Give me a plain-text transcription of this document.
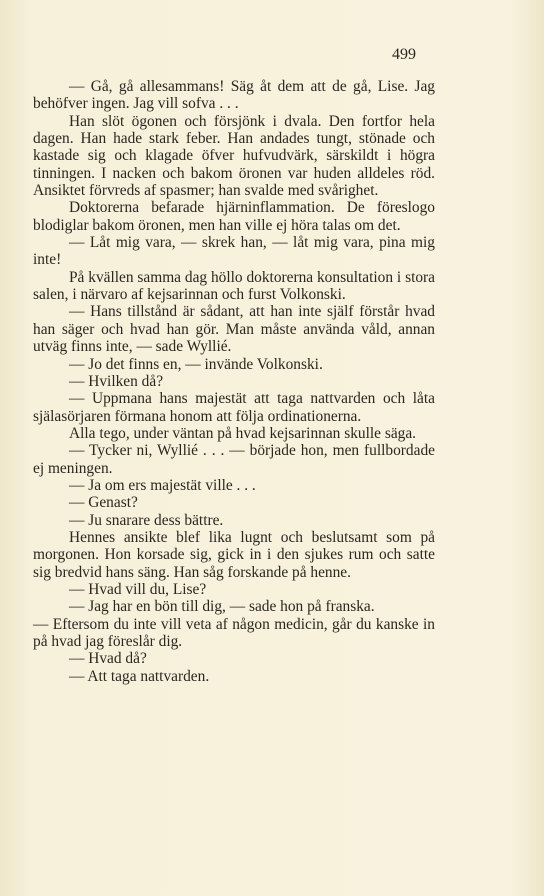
499

— Gå, gå allesammans! Säg åt dem att de gå, Lise. Jag behöfver ingen. Jag vill sofva . . .

Han slöt ögonen och försjönk i dvala. Den fortfor hela dagen. Han hade stark feber. Han andades tungt, stönade och kastade sig och klagade öfver hufvudvärk, särskildt i högra tinningen. I nacken och bakom öronen var huden alldeles röd. Ansiktet förvreds af spasmer; han svalde med svårighet.

Doktorerna befarade hjärninflammation. De föreslogo blodiglar bakom öronen, men han ville ej höra talas om det.

— Låt mig vara, — skrek han, — låt mig vara, pina mig inte!

På kvällen samma dag höllo doktorerna konsultation i stora salen, i närvaro af kejsarinnan och furst Volkonski.

— Hans tillstånd är sådant, att han inte själf förstår hvad han säger och hvad han gör. Man måste använda våld, annan utväg finns inte, — sade Wyllié.

— Jo det finns en, — invände Volkonski.

— Hvilken då?

— Uppmana hans majestät att taga nattvarden och låta själasörjaren förmana honom att följa ordinationerna.

Alla tego, under väntan på hvad kejsarinnan skulle säga.

— Tycker ni, Wyllié . . . — började hon, men fullbordade ej meningen.

— Ja om ers majestät ville . . .

— Genast?

— Ju snarare dess bättre.

Hennes ansikte blef lika lugnt och beslutsamt som på morgonen. Hon korsade sig, gick in i den sjukes rum och satte sig bredvid hans säng. Han såg forskande på henne.

— Hvad vill du, Lise?

— Jag har en bön till dig, — sade hon på franska.

— Eftersom du inte vill veta af någon medicin, går du kanske in på hvad jag föreslår dig.

— Hvad då?

— Att taga nattvarden.
